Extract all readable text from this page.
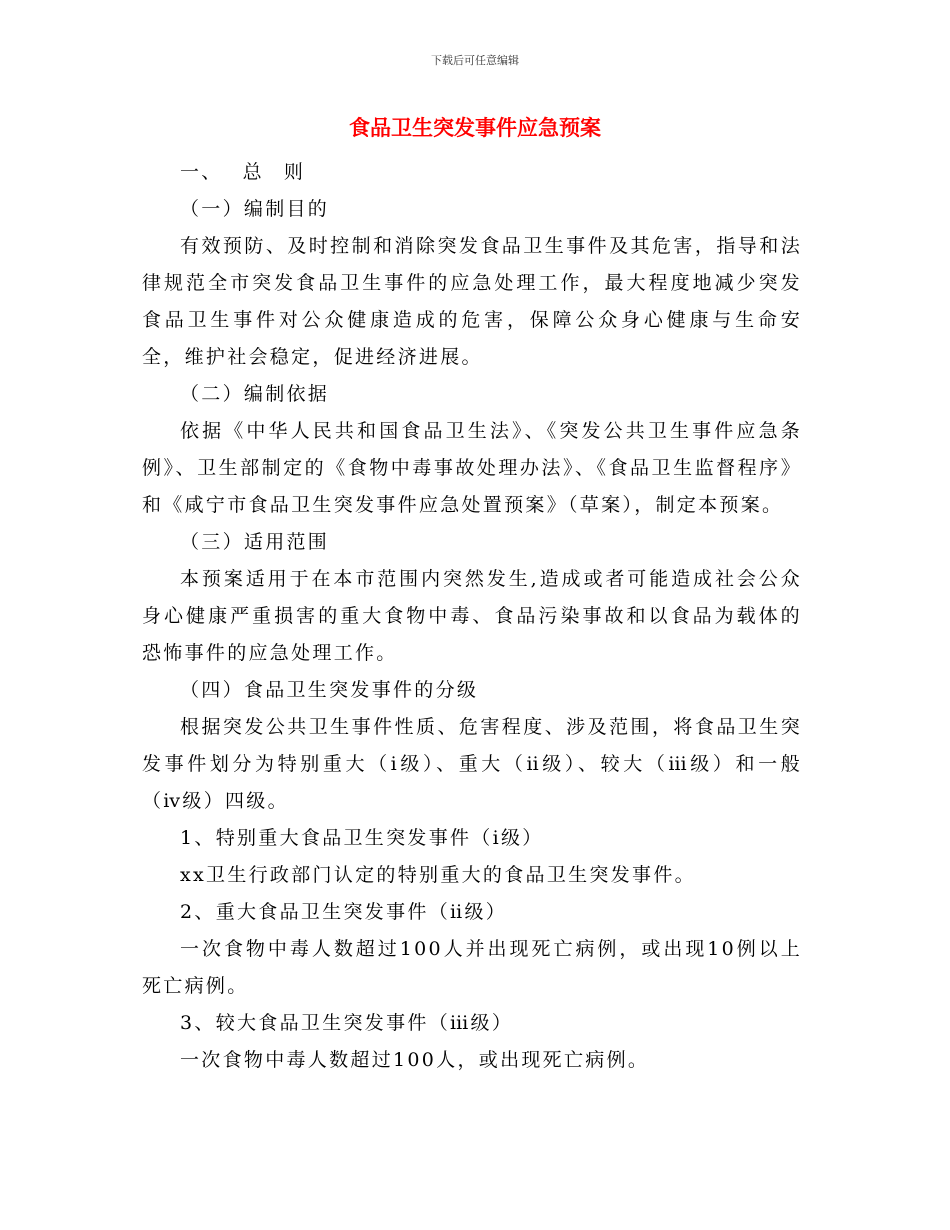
下载后可任意编辑
食品卫生突发事件应急预案

一、 总 则

（一）编制目的

有效预防、及时控制和消除突发食品卫生事件及其危害，指导和法律规范全市突发食品卫生事件的应急处理工作，最大程度地减少突发食品卫生事件对公众健康造成的危害，保障公众身心健康与生命安全，维护社会稳定，促进经济进展。

（二）编制依据

依据《中华人民共和国食品卫生法》、《突发公共卫生事件应急条例》、卫生部制定的《食物中毒事故处理办法》、《食品卫生监督程序》和《咸宁市食品卫生突发事件应急处置预案》（草案），制定本预案。

（三）适用范围

本预案适用于在本市范围内突然发生,造成或者可能造成社会公众身心健康严重损害的重大食物中毒、食品污染事故和以食品为载体的恐怖事件的应急处理工作。

（四）食品卫生突发事件的分级

根据突发公共卫生事件性质、危害程度、涉及范围，将食品卫生突发事件划分为特别重大（ⅰ级）、重大（ⅱ级）、较大（ⅲ级）和一般（ⅳ级）四级。

1、特别重大食品卫生突发事件（ⅰ级）

xx卫生行政部门认定的特别重大的食品卫生突发事件。

2、重大食品卫生突发事件（ⅱ级）

一次食物中毒人数超过100人并出现死亡病例，或出现10例以上死亡病例。

3、较大食品卫生突发事件（ⅲ级）

一次食物中毒人数超过100人，或出现死亡病例。
